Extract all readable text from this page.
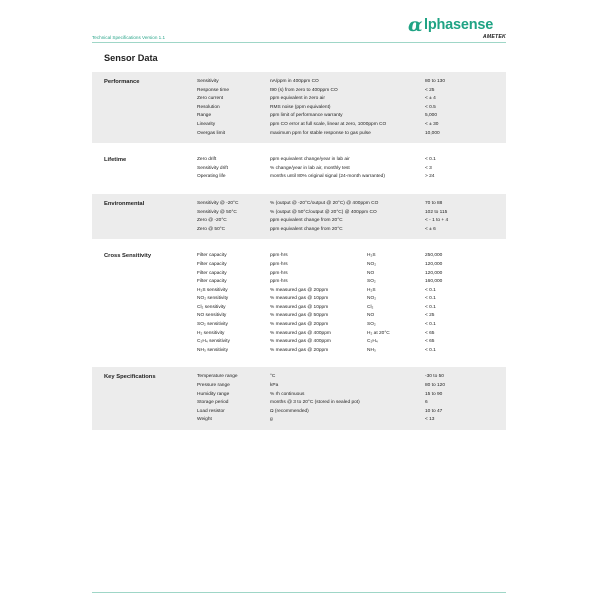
Technical Specifications Version 1.1
α lphasense
AMETEK
Sensor Data
Performance	Sensitivity	nA/ppm in 400ppm CO	80 to 130
Response time	t90 (s) from zero to 400ppm CO	< 25
Zero current	ppm equivalent in zero air	< ± 4
Resolution	RMS noise (ppm equivalent)	< 0.5
Range	ppm limit of performance warranty	5,000
Linearity	ppm CO error at full scale, linear at zero, 1000ppm CO	< ± 30
Overgas limit	maximum ppm for stable response to gas pulse	10,000
Lifetime	Zero drift	ppm equivalent change/year in lab air	< 0.1
Sensitivity drift	% change/year in lab air, monthly test	< 3
Operating life	months until 80% original signal (24-month warranted)	> 24
Environmental	Sensitivity @ -20°C	% (output @ -20°C/output @ 20°C) @ 400ppm CO	70 to 88
Sensitivity @ 50°C	% (output @ 50°C/output @ 20°C) @ 400ppm CO	102 to 115
Zero @ -20°C	ppm equivalent change from 20°C	< - 1 to + 4
Zero @ 50°C	ppm equivalent change from 20°C	< ± 6
Cross Sensitivity	Filter capacity	ppm·hrs	H₂S	250,000
Filter capacity	ppm·hrs	NO₂	120,000
Filter capacity	ppm·hrs	NO	120,000
Filter capacity	ppm·hrs	SO₂	160,000
H₂S sensitivity	% measured gas @ 20ppm	H₂S	< 0.1
NO₂ sensitivity	% measured gas @ 10ppm	NO₂	< 0.1
Cl₂ sensitivity	% measured gas @ 10ppm	Cl₂	< 0.1
NO sensitivity	% measured gas @ 50ppm	NO	< 25
SO₂ sensitivity	% measured gas @ 20ppm	SO₂	< 0.1
H₂ sensitivity	% measured gas @ 400ppm	H₂ at 20°C	< 65
C₂H₄ sensitivity	% measured gas @ 400ppm	C₂H₄	< 65
NH₃ sensitivity	% measured gas @ 20ppm	NH₃	< 0.1
Key Specifications	Temperature range	°C	-30 to 50
Pressure range	kPa	80 to 120
Humidity range	% rh continuous	15 to 90
Storage period	months @ 3 to 20°C (stored in sealed pot)	6
Load resistor	Ω (recommended)	10 to 47
Weight	g	< 13
